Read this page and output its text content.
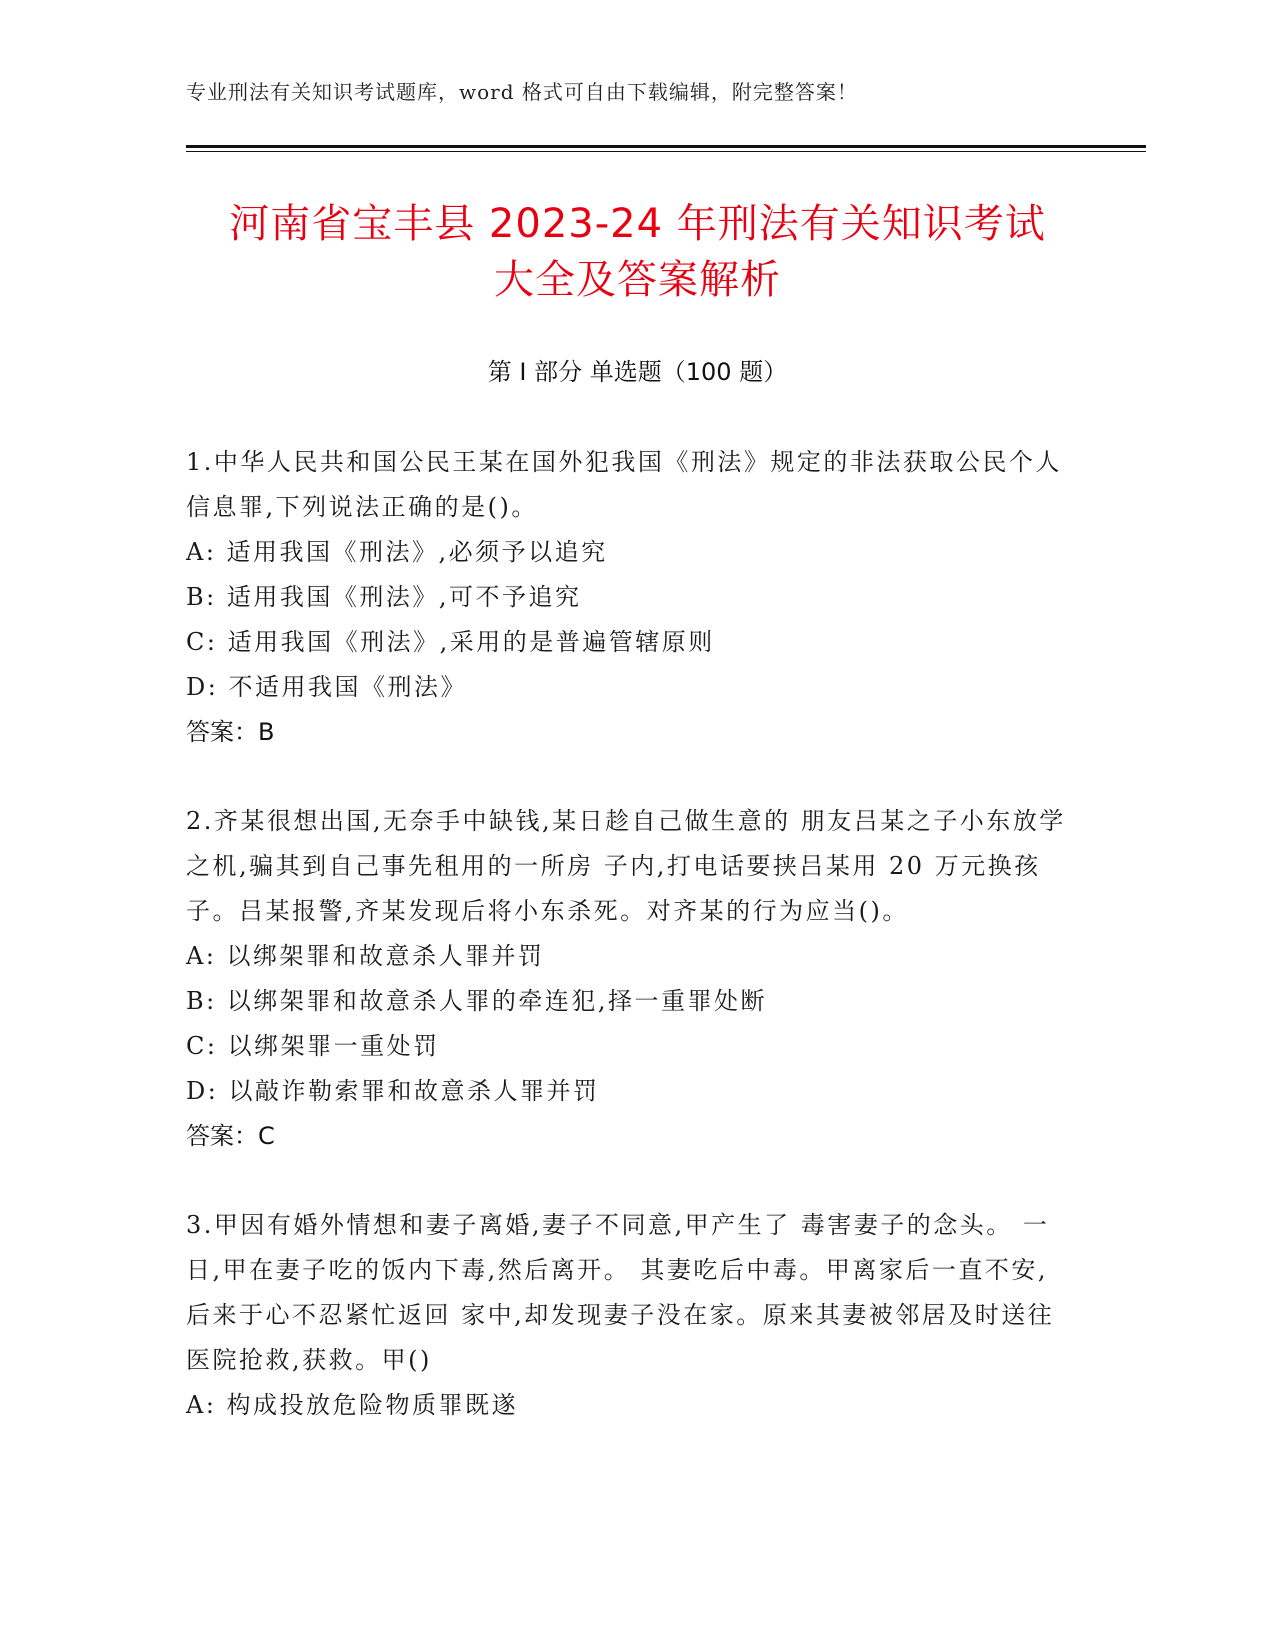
专业刑法有关知识考试题库，word 格式可自由下载编辑，附完整答案！
河南省宝丰县 2023-24 年刑法有关知识考试
大全及答案解析
第 I 部分 单选题（100 题）
1.中华人民共和国公民王某在国外犯我国《刑法》规定的非法获取公民个人信息罪,下列说法正确的是()。
A: 适用我国《刑法》,必须予以追究
B: 适用我国《刑法》,可不予追究
C: 适用我国《刑法》,采用的是普遍管辖原则
D: 不适用我国《刑法》
答案：B
2.齐某很想出国,无奈手中缺钱,某日趁自己做生意的 朋友吕某之子小东放学之机,骗其到自己事先租用的一所房 子内,打电话要挟吕某用 20 万元换孩子。吕某报警,齐某发现后将小东杀死。对齐某的行为应当()。
A: 以绑架罪和故意杀人罪并罚
B: 以绑架罪和故意杀人罪的牵连犯,择一重罪处断
C: 以绑架罪一重处罚
D: 以敲诈勒索罪和故意杀人罪并罚
答案：C
3.甲因有婚外情想和妻子离婚,妻子不同意,甲产生了 毒害妻子的念头。 一 日,甲在妻子吃的饭内下毒,然后离开。 其妻吃后中毒。甲离家后一直不安,后来于心不忍紧忙返回 家中,却发现妻子没在家。原来其妻被邻居及时送往医院抢救,获救。甲()
A: 构成投放危险物质罪既遂
